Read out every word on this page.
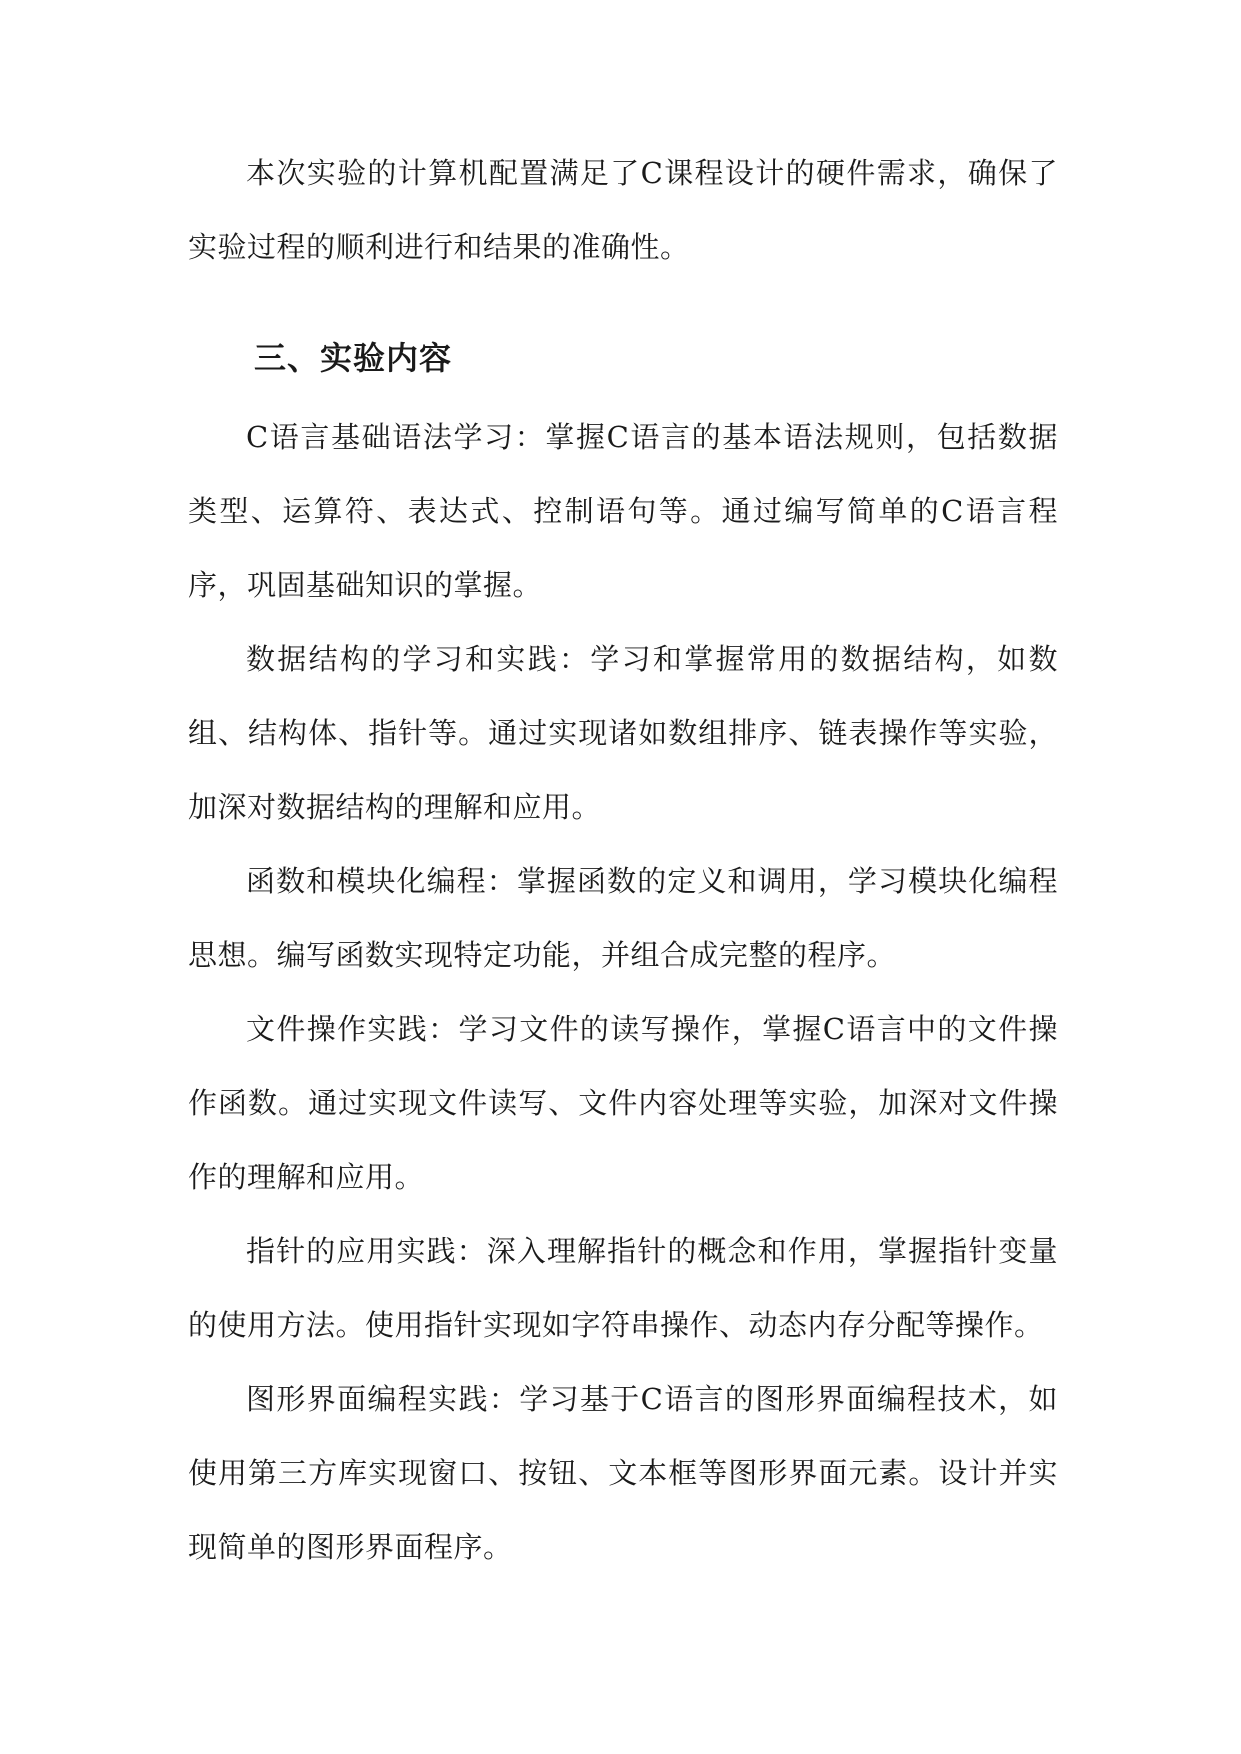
本次实验的计算机配置满足了C课程设计的硬件需求，确保了实验过程的顺利进行和结果的准确性。

三、实验内容

C语言基础语法学习：掌握C语言的基本语法规则，包括数据类型、运算符、表达式、控制语句等。通过编写简单的C语言程序，巩固基础知识的掌握。

数据结构的学习和实践：学习和掌握常用的数据结构，如数组、结构体、指针等。通过实现诸如数组排序、链表操作等实验，加深对数据结构的理解和应用。

函数和模块化编程：掌握函数的定义和调用，学习模块化编程思想。编写函数实现特定功能，并组合成完整的程序。

文件操作实践：学习文件的读写操作，掌握C语言中的文件操作函数。通过实现文件读写、文件内容处理等实验，加深对文件操作的理解和应用。

指针的应用实践：深入理解指针的概念和作用，掌握指针变量的使用方法。使用指针实现如字符串操作、动态内存分配等操作。

图形界面编程实践：学习基于C语言的图形界面编程技术，如使用第三方库实现窗口、按钮、文本框等图形界面元素。设计并实现简单的图形界面程序。
